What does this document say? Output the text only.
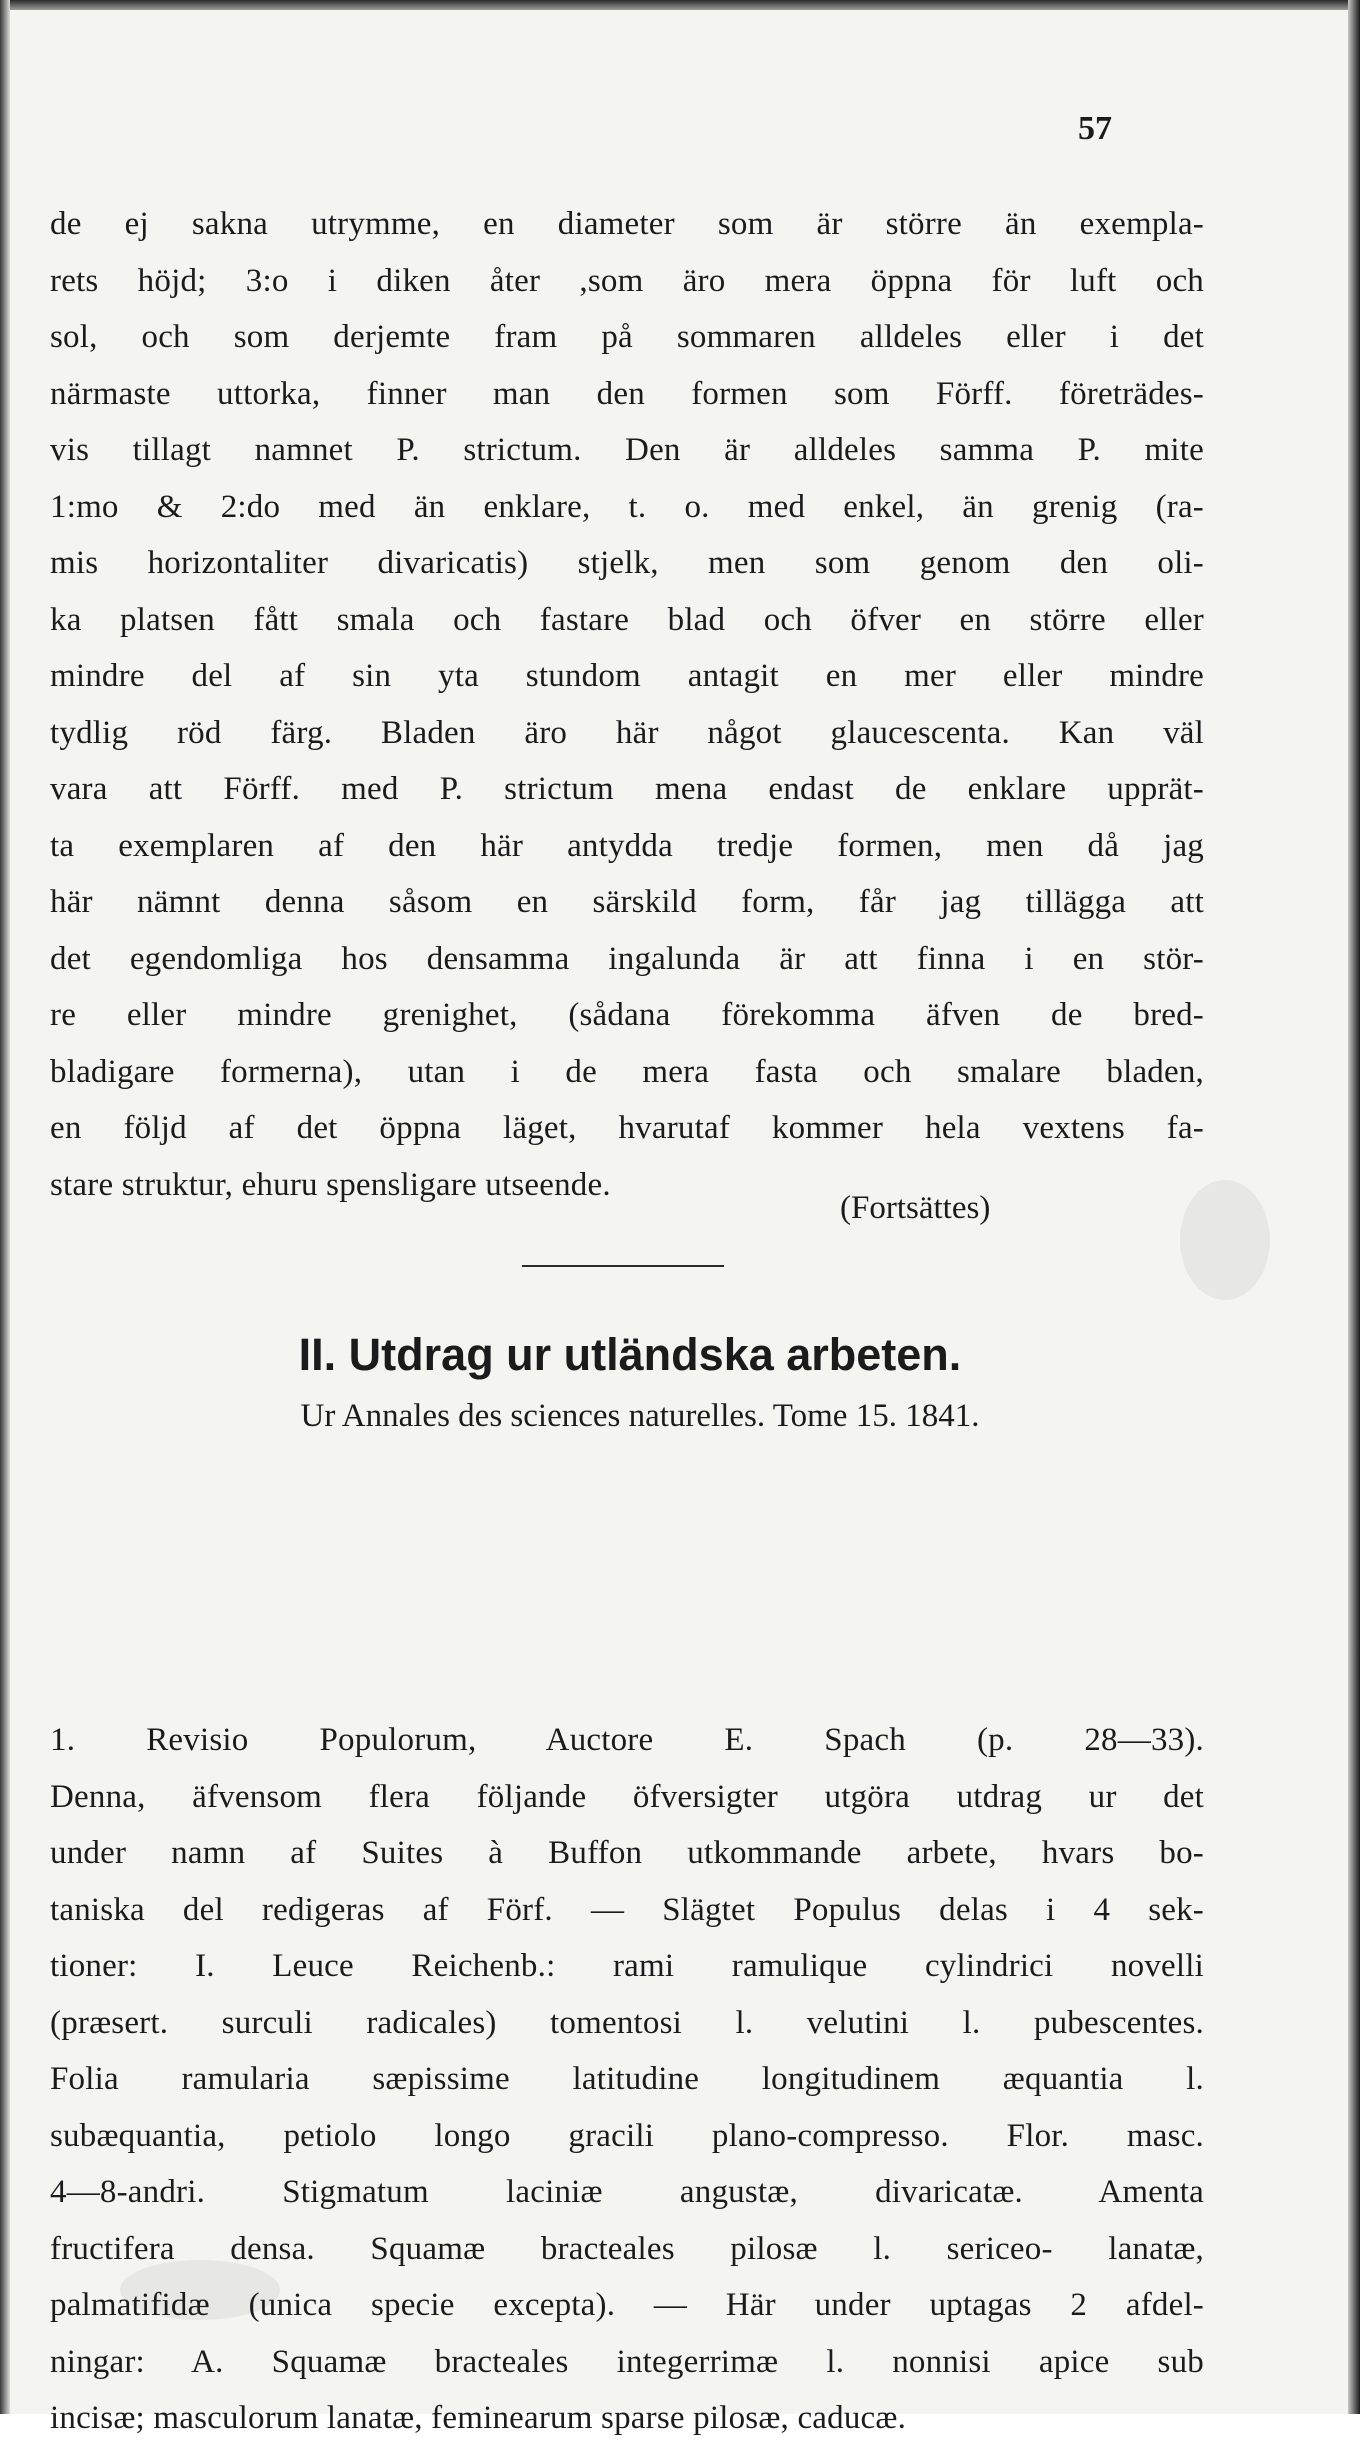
57
de ej sakna utrymme, en diameter som är större än exempla-
rets höjd; 3:o i diken åter ,som äro mera öppna för luft och
sol, och som derjemte fram på sommaren alldeles eller i det
närmaste uttorka, finner man den formen som Förff. företrädes-
vis tillagt namnet P. strictum. Den är alldeles samma P. mite
1:mo & 2:do med än enklare, t. o. med enkel, än grenig (ra-
mis horizontaliter divaricatis) stjelk, men som genom den oli-
ka platsen fått smala och fastare blad och öfver en större eller
mindre del af sin yta stundom antagit en mer eller mindre
tydlig röd färg. Bladen äro här något glaucescenta. Kan väl
vara att Förff. med P. strictum mena endast de enklare upprät-
ta exemplaren af den här antydda tredje formen, men då jag
här nämnt denna såsom en särskild form, får jag tillägga att
det egendomliga hos densamma ingalunda är att finna i en stör-
re eller mindre grenighet, (sådana förekomma äfven de bred-
bladigare formerna), utan i de mera fasta och smalare bladen,
en följd af det öppna läget, hvarutaf kommer hela vextens fa-
stare struktur, ehuru spensligare utseende.
(Fortsättes)
II. Utdrag ur utländska arbeten.
Ur Annales des sciences naturelles. Tome 15. 1841.
1. Revisio Populorum, Auctore E. Spach (p. 28—33).
Denna, äfvensom flera följande öfversigter utgöra utdrag ur det
under namn af Suites à Buffon utkommande arbete, hvars bo-
taniska del redigeras af Förf. — Slägtet Populus delas i 4 sek-
tioner: I. Leuce Reichenb.: rami ramulique cylindrici novelli
(præsert. surculi radicales) tomentosi l. velutini l. pubescentes.
Folia ramularia sæpissime latitudine longitudinem æquantia l.
subæquantia, petiolo longo gracili plano-compresso. Flor. masc.
4—8-andri. Stigmatum laciniæ angustæ, divaricatæ. Amenta
fructifera densa. Squamæ bracteales pilosæ l. sericeo- lanatæ,
palmatifidæ (unica specie excepta). — Här under uptagas 2 afdel-
ningar: A. Squamæ bracteales integerrimæ l. nonnisi apice sub
incisæ; masculorum lanatæ, feminearum sparse pilosæ, caducæ.
